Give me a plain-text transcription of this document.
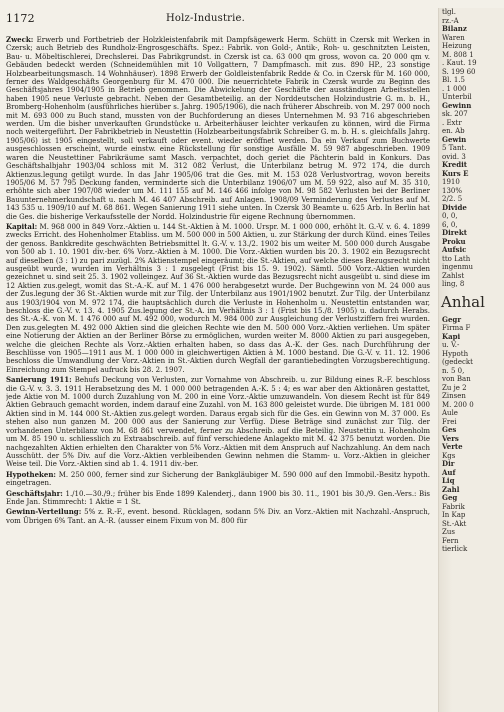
1172	Holz-Industrie.

Zweck: Erwerb und Fortbetrieb der Holzkleistenfabrik mit Dampfsägewerk Herm. Schütt in Czersk mit Werken in Czersk; auch Betrieb des Rundholz-Engrosgeschäfts. Spez.: Fabrik. von Gold-, Antik-, Roh- u. geschnitzten Leisten, Bau- u. Möbeltischlerei, Drechslerei. Das Fabrikgrundst. in Czersk ist ca. 63 000 qm gross, wovon ca. 20 000 qm v. Gebäuden bedeckt werden (Schneidemühlen mit 10 Vollgattern, 7 Dampfmasch. mit zus. 890 HP., 23 sonstige Holzbearbeitungsmasch. 14 Wohnhäuser). 1898 Erwerb der Goldleistenfabrik Redde & Co. in Czersk für M. 160 000, ferner des Waldgeschäfts Georgenburg für M. 470 000. Die neuerrichtete Fabrik in Czersk wurde zu Beginn des Geschäftsjahres 1904/1905 in Betrieb genommen. Die Abwickelung der Geschäfte der ausständigen Arbeitsstellen haben 1905 neue Verluste gebracht. Neben der Gesamtbeteilig. an der Norddeutschen Holzindustrie G. m. b. H., Bromberg-Hohenholm (ausführliches hierüber s. Jahrg. 1905/1906), die nach früherer Abschreib. von M. 297 000 noch mit M. 693 000 zu Buch stand, mussten von der Buchforderung an dieses Unternehmen M. 93 716 abgeschrieben werden. Um die bisher unverkauften Grundstücke u. Arbeiterhäuser leichter verkaufen zu können, wird die Firma noch weitergeführt. Der Fabrikbetrieb in Neustettin (Holzbearbeitungsfabrik Schreiber G. m. b. H. s. gleichfalls Jahrg. 1905/06) ist 1905 eingestellt, soll verkauft oder event. wieder eröffnet werden. Da ein Verkauf zum Buchwerte ausgeschlossen erscheint, wurde einstw. eine Rückstellung für sonstige Ausfälle M. 59 987 abgeschrieben. 1909 waren die Neustettiner Fabrikräume samt Masch. verpachtet, doch geriet die Pächterin bald in Konkurs. Das Geschäftshalbjahr 1903/04 schloss mit M. 312 082 Verlust, die Unterbilanz betrug M. 972 174, die durch Aktienzus.legung getilgt wurde. In das Jahr 1905/06 trat die Ges. mit M. 153 028 Verlustvortrag, wovon bereits 1905/06 M. 57 795 Deckung fanden, verminderte sich die Unterbilanz 1906/07 um M. 59 922, also auf M. 35 310, erhöhte sich aber 1907/08 wieder um M. 111 155 auf M. 146 466 infolge von M. 98 582 Verlusten bei der Berliner Bauunternehmerkundschaft u. nach M. 46 407 Abschreib. auf Anlagen. 1908/09 Verminderung des Verlustes auf M. 143 535 u. 1909/10 auf M. 68 861. Wegen Sanierung 1911 siehe unten. In Czersk 30 Beamte u. 625 Arb. In Berlin hat die Ges. die bisherige Verkaufsstelle der Nordd. Holzindustrie für eigene Rechnung übernommen.

Kapital: M. 968 000 in 849 Vorz.-Aktien u. 144 St.-Aktien à M. 1000. Urspr. M. 1 000 000, erhöht lt. G.-V. v. 6. 4. 1899 zwecks Erricht. des Hohenholmer Etabliss. um M. 500 000 in 500 Aktien, u. zur Stärkung der durch Künd. eines Teiles der genoss. Bankkredite geschwächten Betriebsmittel lt. G.-V. v. 13./2. 1902 bis um weiter M. 500 000 durch Ausgabe von 500 ab 1. 10. 1901 div.-ber. 6% Vorz.-Aktien à M. 1000. Die Vorz.-Aktien wurden bis 20. 3. 1902 ein Bezugsrecht auf dieselben (3 : 1) zu pari zuzügl. 2% Aktienstempel eingeräumt; die St.-Aktien, auf welche dieses Bezugsrecht nicht ausgeübt wurde, wurden im Verhältnis 3 : 1 zusgelegt (Frist bis 15. 9. 1902). Sämtl. 500 Vorz.-Aktien wurden gezeichnet u. sind seit 25. 3. 1902 volleingez. Auf 36 St.-Aktien wurde das Bezugsrecht nicht ausgeübt u. sind diese im 12 Aktien zus.gelegt, womit das St.-A.-K. auf M. 1 476 000 herabgesetzt wurde. Der Buchgewinn von M. 24 000 aus der Zus.legung der 36 St.-Aktien wurde mit zur Tilg. der Unterbilanz aus 1901/1902 benutzt. Zur Tilg. der Unterbilanz aus 1903/1904 von M. 972 174, die hauptsächlich durch die Verluste in Hohenholm u. Neustettin entstanden war, beschloss die G.-V. v. 13. 4. 1905 Zus.legung der St.-A. im Verhältnis 3 : 1 (Frist bis 15./8. 1905) u. dadurch Herabs. des St.-A.-K. von M. 1 476 000 auf M. 492 000, wodurch M. 984 000 zur Ausgleichung der Verlustziffern frei wurden. Den zus.gelegten M. 492 000 Aktien sind die gleichen Rechte wie den M. 500 000 Vorz.-Aktien verliehen. Um später eine Notierung der Aktien an der Berliner Börse zu ermöglichen, wurden weiter M. 8000 Aktien zu pari ausgegeben, welche die gleichen Rechte als Vorz.-Aktien erhalten haben, so dass das A.-K. der Ges. nach Durchführung der Beschlüsse von 1905—1911 aus M. 1 000 000 in gleichwertigen Aktien à M. 1000 bestand. Die G.-V. v. 11. 12. 1906 beschloss die Umwandlung der Vorz.-Aktien in St.-Aktien durch Wegfall der garantiebedingten Vorzugsberechtigung. Einreichung zum Stempel aufruck bis 28. 2. 1907.

Sanierung 1911: Behufs Deckung von Verlusten, zur Vornahme von Abschreib. u. zur Bildung eines R.-F. beschloss die G.-V. v. 3. 3. 1911 Herabsetzung des M. 1 000 000 betragenden A.-K. 5 : 4; es war aber den Aktionären gestattet, jede Aktie von M. 1000 durch Zuzahlung von M. 200 in eine Vorz.-Aktie umzuwandeln. Von diesem Recht ist für 849 Aktien Gebrauch gemacht worden, indem darauf eine Zuzahl. von M. 163 800 geleistet wurde. Die übrigen M. 181 000 Aktien sind in M. 144 000 St.-Aktien zus.gelegt worden. Daraus ergab sich für die Ges. ein Gewinn von M. 37 000. Es stehen also nun ganzen M. 200 000 aus der Sanierung zur Verfüg. Diese Beträge sind zunächst zur Tilg. der vorhandenen Unterbilanz von M. 68 861 verwendet, ferner zu Abschreib. auf die Beteilig. Neustettin u. Hohenholm um M. 85 190 u. schliesslich zu Extraabschreib. auf fünf verschiedene Anlagekto mit M. 42 375 benutzt worden. Die nachgezahlten Aktien erhielten den Charakter von 5% Vorz.-Aktien mit dem Anspruch auf Nachzahlung. An dem nach Ausschütt. der 5% Div. auf die Vorz.-Aktien verbleibenden Gewinn nehmen die Stamm- u. Vorz.-Aktien in gleicher Weise teil. Die Vorz.-Aktien sind ab 1. 4. 1911 div.-ber.

Hypotheken: M. 250 000, ferner sind zur Sicherung der Bankgläubiger M. 590 000 auf den Immobil.-Besitz hypoth. eingetragen.

Geschäftsjahr: 1./10.—30./9.; früher bis Ende 1899 Kalenderj., dann 1900 bis 30. 11., 1901 bis 30./9. Gen.-Vers.: Bis Ende Jan. Stimmrecht: 1 Aktie = 1 St.

Gewinn-Verteilung: 5% z. R.-F., event. besond. Rücklagen, sodann 5% Div. an Vorz.-Aktien mit Nachzahl.-Anspruch, vom Übrigen 6% Tant. an A.-R. (ausser einem Fixum von M. 800 für

tlgl.
rz.-A
Bilanz
Waren
Heizung
M. 808 1
. Kaut. 19
S. 199 60
Bl. 1.5
. 1 000
Unterbil
Gewinn
sk. 207
. Extr
en. Ab
Gewin
5 Tant.
ovid. 3
Kredit
Kurs E
1910
130%
2/2. 5
Divide
0, 0,
6, 0,
Direkt
Proku
Aufsic
tto Lath
ingenmu
Zahlst
ling, 8
Anhal
Gegr
Firma F
Kapi
u. V.-
Hypoth
(gedeckt
n. 5 0,
von Ban
Zu je 2
Zinsen
M. 200 0
Aule
Frei
Ges
Vers
Verte
Kgs
Dir
Auf
Liq
Zahl
Geg
Fabrik
In Kap
St.-Akt
Zus
Fern
tierlick
